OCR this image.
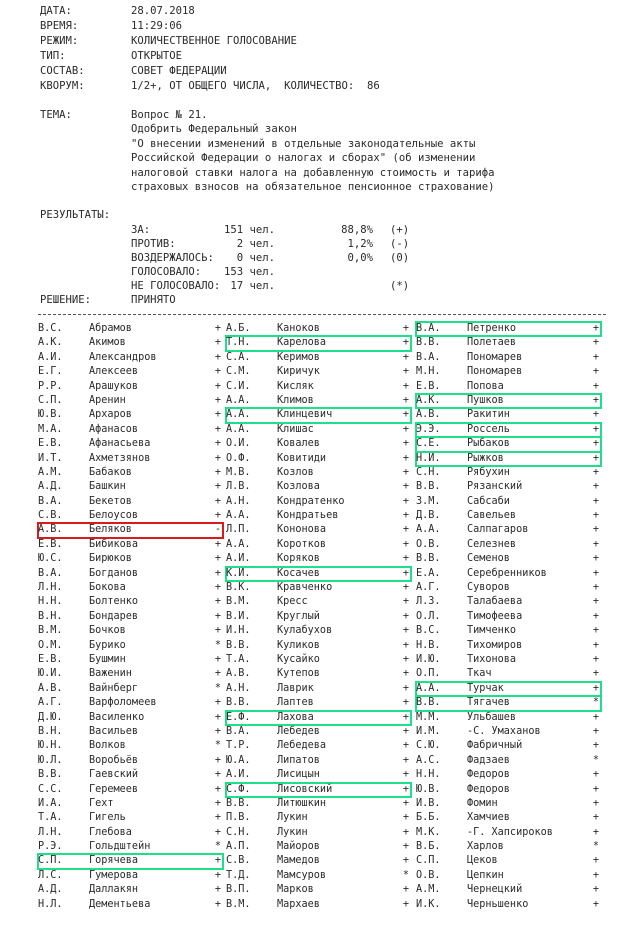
ДАТА:	28.07.2018
ВРЕМЯ:	11:29:06
РЕЖИМ:	КОЛИЧЕСТВЕННОЕ ГОЛОСОВАНИЕ
ТИП:	ОТКРЫТОЕ
СОСТАВ:	СОВЕТ ФЕДЕРАЦИИ
КВОРУМ:	1/2+, ОТ ОБЩЕГО ЧИСЛА,  КОЛИЧЕСТВО:  86
ТЕМА:	Вопрос № 21.
Одобрить Федеральный закон
"О внесении изменений в отдельные законодательные акты
Российской Федерации о налогах и сборах" (об изменении
налоговой ставки налога на добавленную стоимость и тарифа
страховых взносов на обязательное пенсионное страхование)
РЕЗУЛЬТАТЫ:
ЗА:	151 чел.	88,8% (+)
ПРОТИВ:	2 чел.	1,2% (-)
ВОЗДЕРЖАЛОСЬ:	0 чел.	0,0% (0)
ГОЛОСОВАЛО:	153 чел.
НЕ ГОЛОСОВАЛО: 17 чел.	(*)
РЕШЕНИЕ:	ПРИНЯТО
В.С.	Абрамов	+
А.К.	Акимов	+
А.И.	Александров	+
Е.Г.	Алексеев	+
Р.Р.	Арашуков	+
С.П.	Аренин	+
Ю.В.	Архаров	+
М.А.	Афанасов	+
Е.В.	Афанасьева	+
И.Т.	Ахметзянов	+
А.М.	Бабаков	+
А.Д.	Башкин	+
В.А.	Бекетов	+
С.В.	Белоусов	+
А.В.	Беляков	-
Е.В.	Бибикова	+
Ю.С.	Бирюков	+
В.А.	Богданов	+
Л.Н.	Бокова	+
Н.Н.	Болтенко	+
В.Н.	Бондарев	+
В.М.	Бочков	+
О.М.	Бурико	*
Е.В.	Бушмин	+
Ю.И.	Важенин	+
А.В.	Вайнберг	*
А.Г.	Варфоломеев	+
Д.Ю.	Василенко	+
В.Н.	Васильев	+
Ю.Н.	Волков	*
Ю.Л.	Воробьёв	+
В.В.	Гаевский	+
С.С.	Геремеев	+
И.А.	Гехт	+
Т.А.	Гигель	+
Л.Н.	Глебова	+
Р.Э.	Гольдштейн	*
С.П.	Горячева	+
Л.С.	Гумерова	+
А.Д.	Даллакян	+
Н.Л.	Дементьева	+
А.Б.	Каноков	+
Т.Н.	Карелова	+
С.А.	Керимов	+
С.М.	Киричук	+
С.И.	Кисляк	+
А.А.	Климов	+
А.А.	Клинцевич	+
А.А.	Клишас	+
О.И.	Ковалев	+
О.Ф.	Ковитиди	+
М.В.	Козлов	+
Л.В.	Козлова	+
А.Н.	Кондратенко	+
А.А.	Кондратьев	+
Л.П.	Кононова	+
А.А.	Коротков	+
А.И.	Коряков	+
К.И.	Косачев	+
В.К.	Кравченко	+
В.М.	Кресс	+
В.И.	Круглый	+
И.Н.	Кулабухов	+
В.В.	Куликов	+
Т.А.	Кусайко	+
А.В.	Кутепов	+
А.Н.	Лаврик	+
В.В.	Лаптев	+
Е.Ф.	Лахова	+
В.А.	Лебедев	+
Т.Р.	Лебедева	+
Ю.А.	Липатов	+
А.И.	Лисицын	+
С.Ф.	Лисовский	+
В.В.	Литюшкин	+
П.В.	Лукин	+
С.Н.	Лукин	+
А.П.	Майоров	+
С.В.	Мамедов	+
Т.Д.	Мамсуров	*
В.П.	Марков	+
В.М.	Мархаев	+
В.А.	Петренко	+
В.В.	Полетаев	+
В.А.	Пономарев	+
М.Н.	Пономарев	+
Е.В.	Попова	+
А.К.	Пушков	+
А.В.	Ракитин	+
Э.Э.	Россель	+
С.Е.	Рыбаков	+
Н.И.	Рыжков	+
С.Н.	Рябухин	+
В.В.	Рязанский	+
З.М.	Сабсаби	+
Д.В.	Савельев	+
А.А.	Салпагаров	+
О.В.	Селезнев	+
В.В.	Семенов	+
Е.А.	Серебренников	+
А.Г.	Суворов	+
Л.З.	Талабаева	+
О.Л.	Тимофеева	+
В.С.	Тимченко	+
Н.В.	Тихомиров	+
И.Ю.	Тихонова	+
О.П.	Ткач	+
А.А.	Турчак	+
В.В.	Тягачев	*
М.М.	Ульбашев	+
И.М.	-С. Умаханов	+
С.Ю.	Фабричный	+
А.С.	Фадзаев	*
Н.Н.	Федоров	+
Ю.В.	Федоров	+
И.В.	Фомин	+
Б.Б.	Хамчиев	+
М.К.	-Г. Хапсироков	+
В.Б.	Харлов	*
С.П.	Цеков	+
О.В.	Цепкин	+
А.М.	Чернецкий	+
И.К.	Черньшенко	+
